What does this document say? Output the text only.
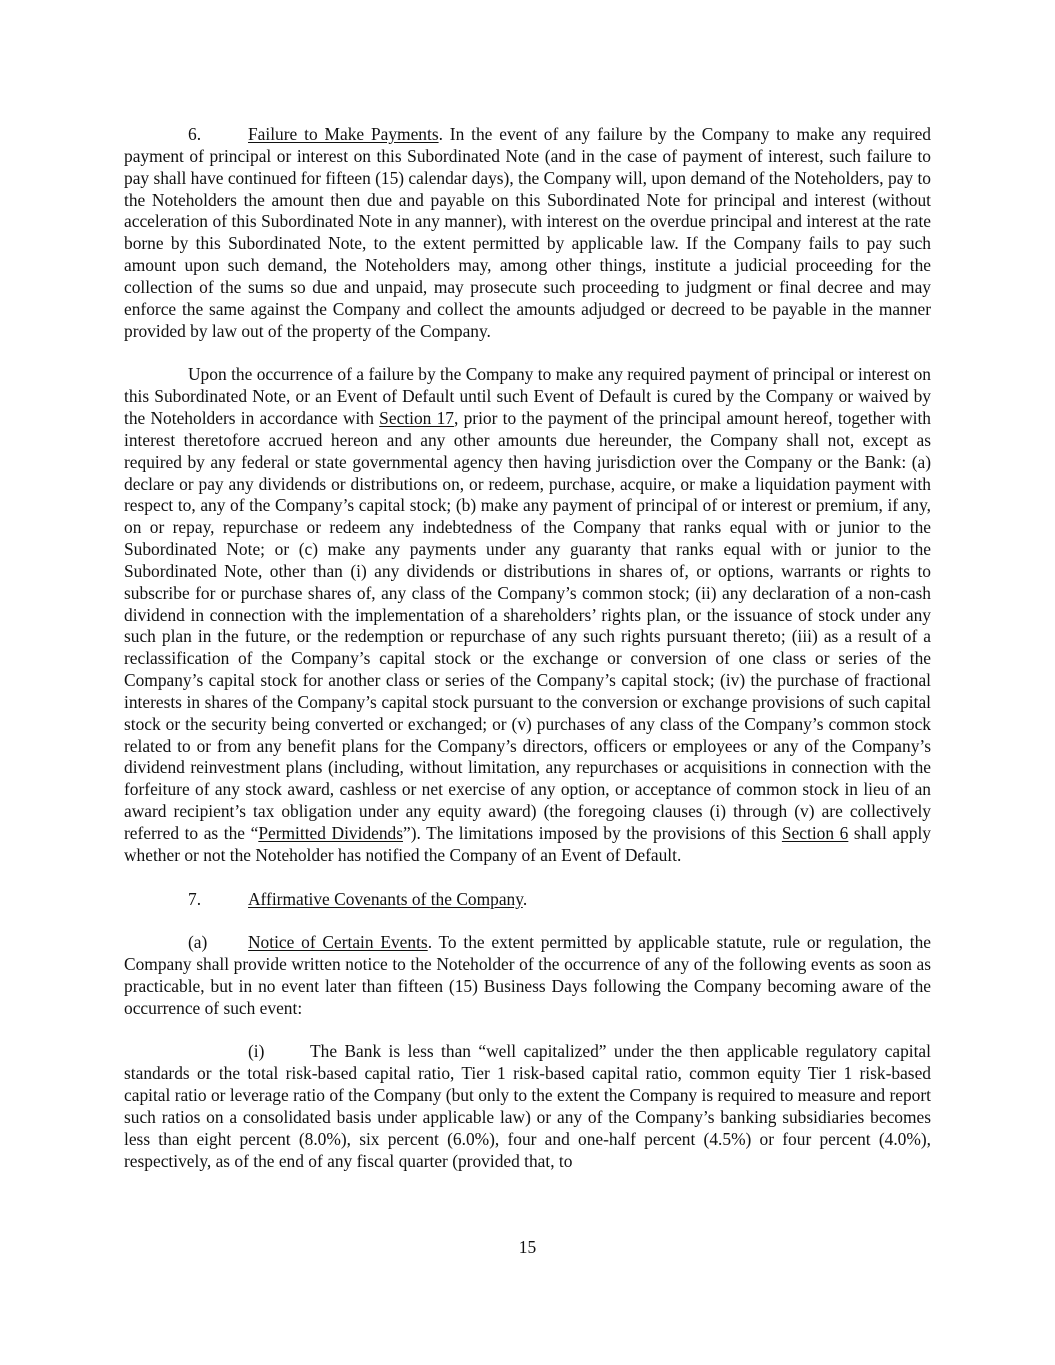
6.	Failure to Make Payments. In the event of any failure by the Company to make any required payment of principal or interest on this Subordinated Note (and in the case of payment of interest, such failure to pay shall have continued for fifteen (15) calendar days), the Company will, upon demand of the Noteholders, pay to the Noteholders the amount then due and payable on this Subordinated Note for principal and interest (without acceleration of this Subordinated Note in any manner), with interest on the overdue principal and interest at the rate borne by this Subordinated Note, to the extent permitted by applicable law. If the Company fails to pay such amount upon such demand, the Noteholders may, among other things, institute a judicial proceeding for the collection of the sums so due and unpaid, may prosecute such proceeding to judgment or final decree and may enforce the same against the Company and collect the amounts adjudged or decreed to be payable in the manner provided by law out of the property of the Company.

Upon the occurrence of a failure by the Company to make any required payment of principal or interest on this Subordinated Note, or an Event of Default until such Event of Default is cured by the Company or waived by the Noteholders in accordance with Section 17, prior to the payment of the principal amount hereof, together with interest theretofore accrued hereon and any other amounts due hereunder, the Company shall not, except as required by any federal or state governmental agency then having jurisdiction over the Company or the Bank: (a) declare or pay any dividends or distributions on, or redeem, purchase, acquire, or make a liquidation payment with respect to, any of the Company’s capital stock; (b) make any payment of principal of or interest or premium, if any, on or repay, repurchase or redeem any indebtedness of the Company that ranks equal with or junior to the Subordinated Note; or (c) make any payments under any guaranty that ranks equal with or junior to the Subordinated Note, other than (i) any dividends or distributions in shares of, or options, warrants or rights to subscribe for or purchase shares of, any class of the Company’s common stock; (ii) any declaration of a non-cash dividend in connection with the implementation of a shareholders’ rights plan, or the issuance of stock under any such plan in the future, or the redemption or repurchase of any such rights pursuant thereto; (iii) as a result of a reclassification of the Company’s capital stock or the exchange or conversion of one class or series of the Company’s capital stock for another class or series of the Company’s capital stock; (iv) the purchase of fractional interests in shares of the Company’s capital stock pursuant to the conversion or exchange provisions of such capital stock or the security being converted or exchanged; or (v) purchases of any class of the Company’s common stock related to or from any benefit plans for the Company’s directors, officers or employees or any of the Company’s dividend reinvestment plans (including, without limitation, any repurchases or acquisitions in connection with the forfeiture of any stock award, cashless or net exercise of any option, or acceptance of common stock in lieu of an award recipient’s tax obligation under any equity award) (the foregoing clauses (i) through (v) are collectively referred to as the “Permitted Dividends”). The limitations imposed by the provisions of this Section 6 shall apply whether or not the Noteholder has notified the Company of an Event of Default.

7.	Affirmative Covenants of the Company.

(a) Notice of Certain Events. To the extent permitted by applicable statute, rule or regulation, the Company shall provide written notice to the Noteholder of the occurrence of any of the following events as soon as practicable, but in no event later than fifteen (15) Business Days following the Company becoming aware of the occurrence of such event:

(i)	The Bank is less than “well capitalized” under the then applicable regulatory capital standards or the total risk-based capital ratio, Tier 1 risk-based capital ratio, common equity Tier 1 risk-based capital ratio or leverage ratio of the Company (but only to the extent the Company is required to measure and report such ratios on a consolidated basis under applicable law) or any of the Company’s banking subsidiaries becomes less than eight percent (8.0%), six percent (6.0%), four and one-half percent (4.5%) or four percent (4.0%), respectively, as of the end of any fiscal quarter (provided that, to

15
